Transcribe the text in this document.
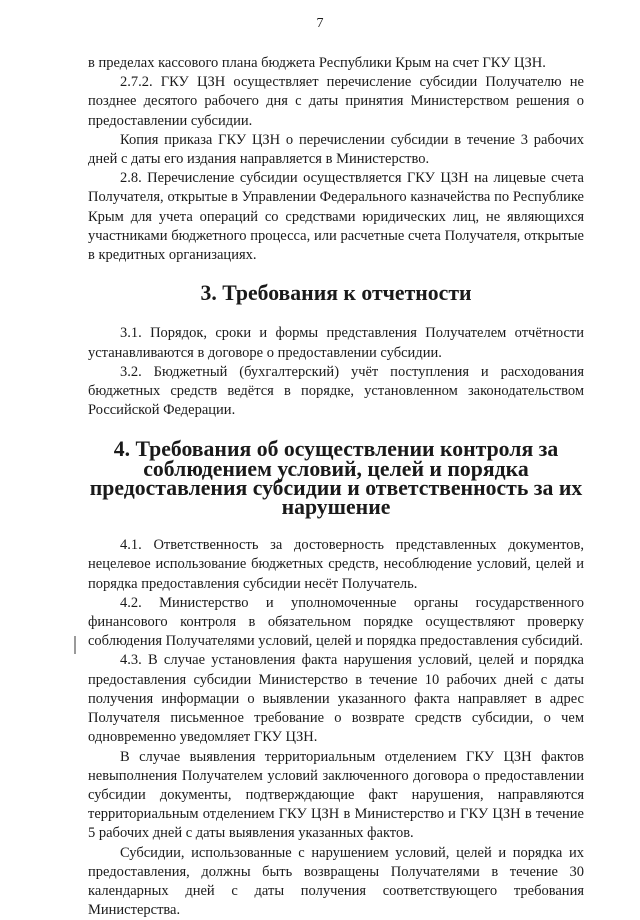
7

в пределах кассового плана бюджета Республики Крым на счет ГКУ ЦЗН.

2.7.2. ГКУ ЦЗН осуществляет перечисление субсидии Получателю не позднее десятого рабочего дня с даты принятия Министерством решения о предоставлении субсидии.

Копия приказа ГКУ ЦЗН о перечислении субсидии в течение 3 рабочих дней с даты его издания направляется в Министерство.

2.8. Перечисление субсидии осуществляется ГКУ ЦЗН на лицевые счета Получателя, открытые в Управлении Федерального казначейства по Республике Крым для учета операций со средствами юридических лиц, не являющихся участниками бюджетного процесса, или расчетные счета Получателя, открытые в кредитных организациях.

3. Требования к отчетности

3.1. Порядок, сроки и формы представления Получателем отчётности устанавливаются в договоре о предоставлении субсидии.

3.2. Бюджетный (бухгалтерский) учёт поступления и расходования бюджетных средств ведётся в порядке, установленном законодательством Российской Федерации.

4. Требования об осуществлении контроля за соблюдением условий, целей и порядка предоставления субсидии и ответственность за их нарушение

4.1. Ответственность за достоверность представленных документов, нецелевое использование бюджетных средств, несоблюдение условий, целей и порядка предоставления субсидии несёт Получатель.

4.2. Министерство и уполномоченные органы государственного финансового контроля в обязательном порядке осуществляют проверку соблюдения Получателями условий, целей и порядка предоставления субсидий.

4.3. В случае установления факта нарушения условий, целей и порядка предоставления субсидии Министерство в течение 10 рабочих дней с даты получения информации о выявлении указанного факта направляет в адрес Получателя письменное требование о возврате средств субсидии, о чем одновременно уведомляет ГКУ ЦЗН.

В случае выявления территориальным отделением ГКУ ЦЗН фактов невыполнения Получателем условий заключенного договора о предоставлении субсидии документы, подтверждающие факт нарушения, направляются территориальным отделением ГКУ ЦЗН в Министерство и ГКУ ЦЗН в течение 5 рабочих дней с даты выявления указанных фактов.

Субсидии, использованные с нарушением условий, целей и порядка их предоставления, должны быть возвращены Получателями в течение 30 календарных дней с даты получения соответствующего требования Министерства.
